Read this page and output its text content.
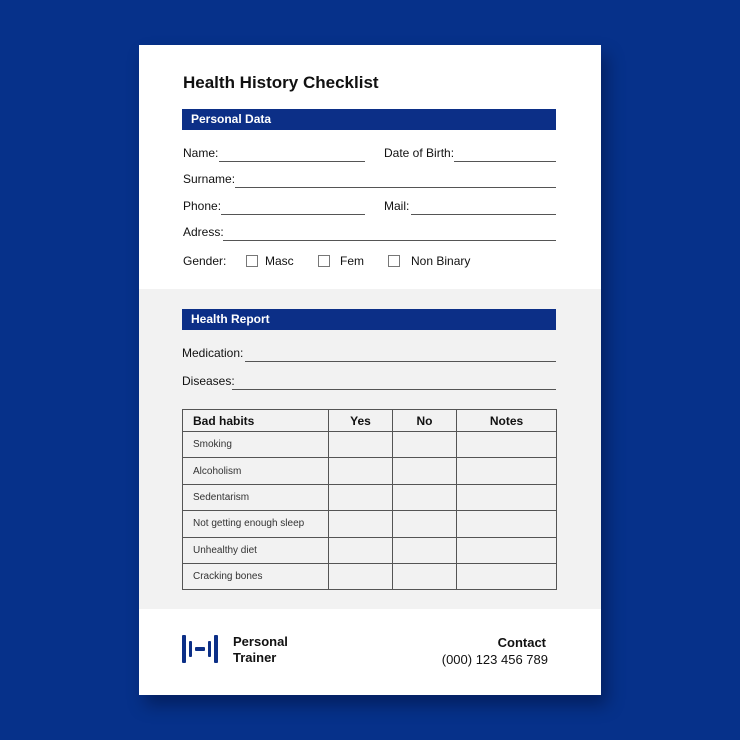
Health History Checklist
Personal Data
Name:	Date of Birth:
Surname:
Phone:	Mail:
Adress:
Gender:	Masc	Fem	Non Binary
Health Report
Medication:
Diseases:
Bad habits	Yes	No	Notes
Smoking			
Alcoholism			
Sedentarism			
Not getting enough sleep			
Unhealthy diet			
Cracking bones			
Personal
Trainer
Contact
(000) 123 456 789
